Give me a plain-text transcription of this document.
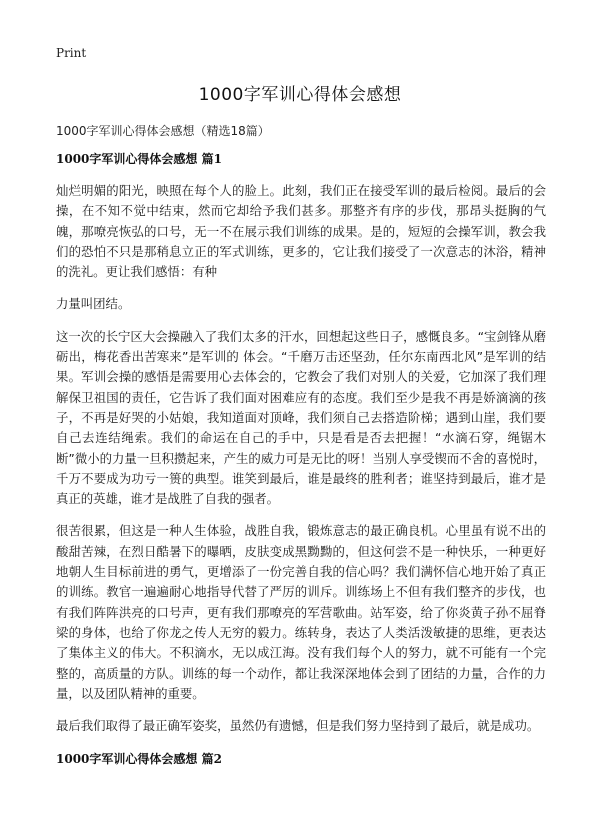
Print
1000字军训心得体会感想

1000字军训心得体会感想（精选18篇）

1000字军训心得体会感想 篇1

灿烂明媚的阳光，映照在每个人的脸上。此刻，我们正在接受军训的最后检阅。最后的会操，在不知不觉中结束，然而它却给予我们甚多。那整齐有序的步伐，那昂头挺胸的气魄，那嘹亮恢弘的口号，无一不在展示我们训练的成果。是的，短短的会操军训，教会我们的恐怕不只是那稍息立正的军式训练，更多的，它让我们接受了一次意志的沐浴，精神的洗礼。更让我们感悟：有种

力量叫团结。

这一次的长宁区大会操融入了我们太多的汗水，回想起这些日子，感慨良多。“宝剑锋从磨砺出，梅花香出苦寒来”是军训的 体会。“千磨万击还坚劲，任尔东南西北风”是军训的结果。军训会操的感悟是需要用心去体会的，它教会了我们对别人的关爱，它加深了我们理解保卫祖国的责任，它告诉了我们面对困难应有的态度。我们至少是我不再是娇滴滴的孩子，不再是好哭的小姑娘，我知道面对顶峰，我们须自己去搭造阶梯；遇到山崖，我们要自己去连结绳索。我们的命运在自己的手中，只是看是否去把握！“水滴石穿，绳锯木断”微小的力量一旦积攒起来，产生的威力可是无比的呀！当别人享受锲而不舍的喜悦时，千万不要成为功亏一篑的典型。谁笑到最后，谁是最终的胜利者；谁坚持到最后，谁才是真正的英雄，谁才是战胜了自我的强者。

很苦很累，但这是一种人生体验，战胜自我，锻炼意志的最正确良机。心里虽有说不出的酸甜苦辣，在烈日酷暑下的曝晒，皮肤变成黑黝黝的，但这何尝不是一种快乐，一种更好地朝人生目标前进的勇气，更增添了一份完善自我的信心吗？我们满怀信心地开始了真正的训练。教官一遍遍耐心地指导代替了严厉的训斥。训练场上不但有我们整齐的步伐，也有我们阵阵洪亮的口号声，更有我们那嘹亮的军营歌曲。站军姿，给了你炎黄子孙不屈脊梁的身体，也给了你龙之传人无穷的毅力。练转身，表达了人类活泼敏捷的思维，更表达了集体主义的伟大。不积滴水，无以成江海。没有我们每个人的努力，就不可能有一个完整的，高质量的方队。训练的每一个动作，都让我深深地体会到了团结的力量，合作的力量，以及团队精神的重要。

最后我们取得了最正确军姿奖，虽然仍有遗憾，但是我们努力坚持到了最后，就是成功。

1000字军训心得体会感想 篇2
